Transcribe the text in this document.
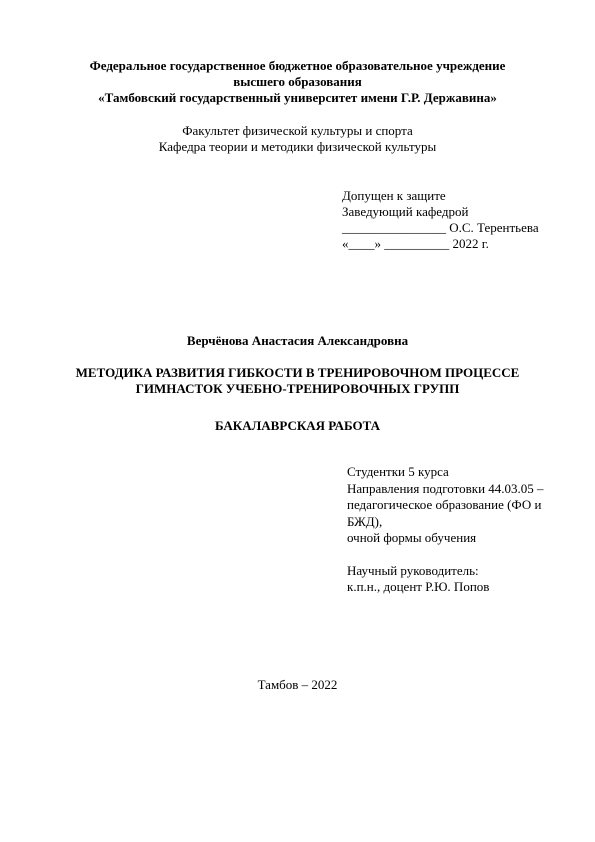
Федеральное государственное бюджетное образовательное учреждение
высшего образования
«Тамбовский государственный университет имени Г.Р. Державина»
Факультет физической культуры и спорта
Кафедра теории и методики физической культуры
Допущен к защите
Заведующий кафедрой
________________ О.С. Терентьева
«____» __________ 2022 г.
Верчёнова Анастасия Александровна
МЕТОДИКА РАЗВИТИЯ ГИБКОСТИ В ТРЕНИРОВОЧНОМ ПРОЦЕССЕ
ГИМНАСТОК УЧЕБНО-ТРЕНИРОВОЧНЫХ ГРУПП
БАКАЛАВРСКАЯ РАБОТА
Студентки 5 курса
Направления подготовки 44.03.05 –
педагогическое образование (ФО и
БЖД),
очной формы обучения
Научный руководитель:
к.п.н., доцент Р.Ю. Попов
Тамбов – 2022
